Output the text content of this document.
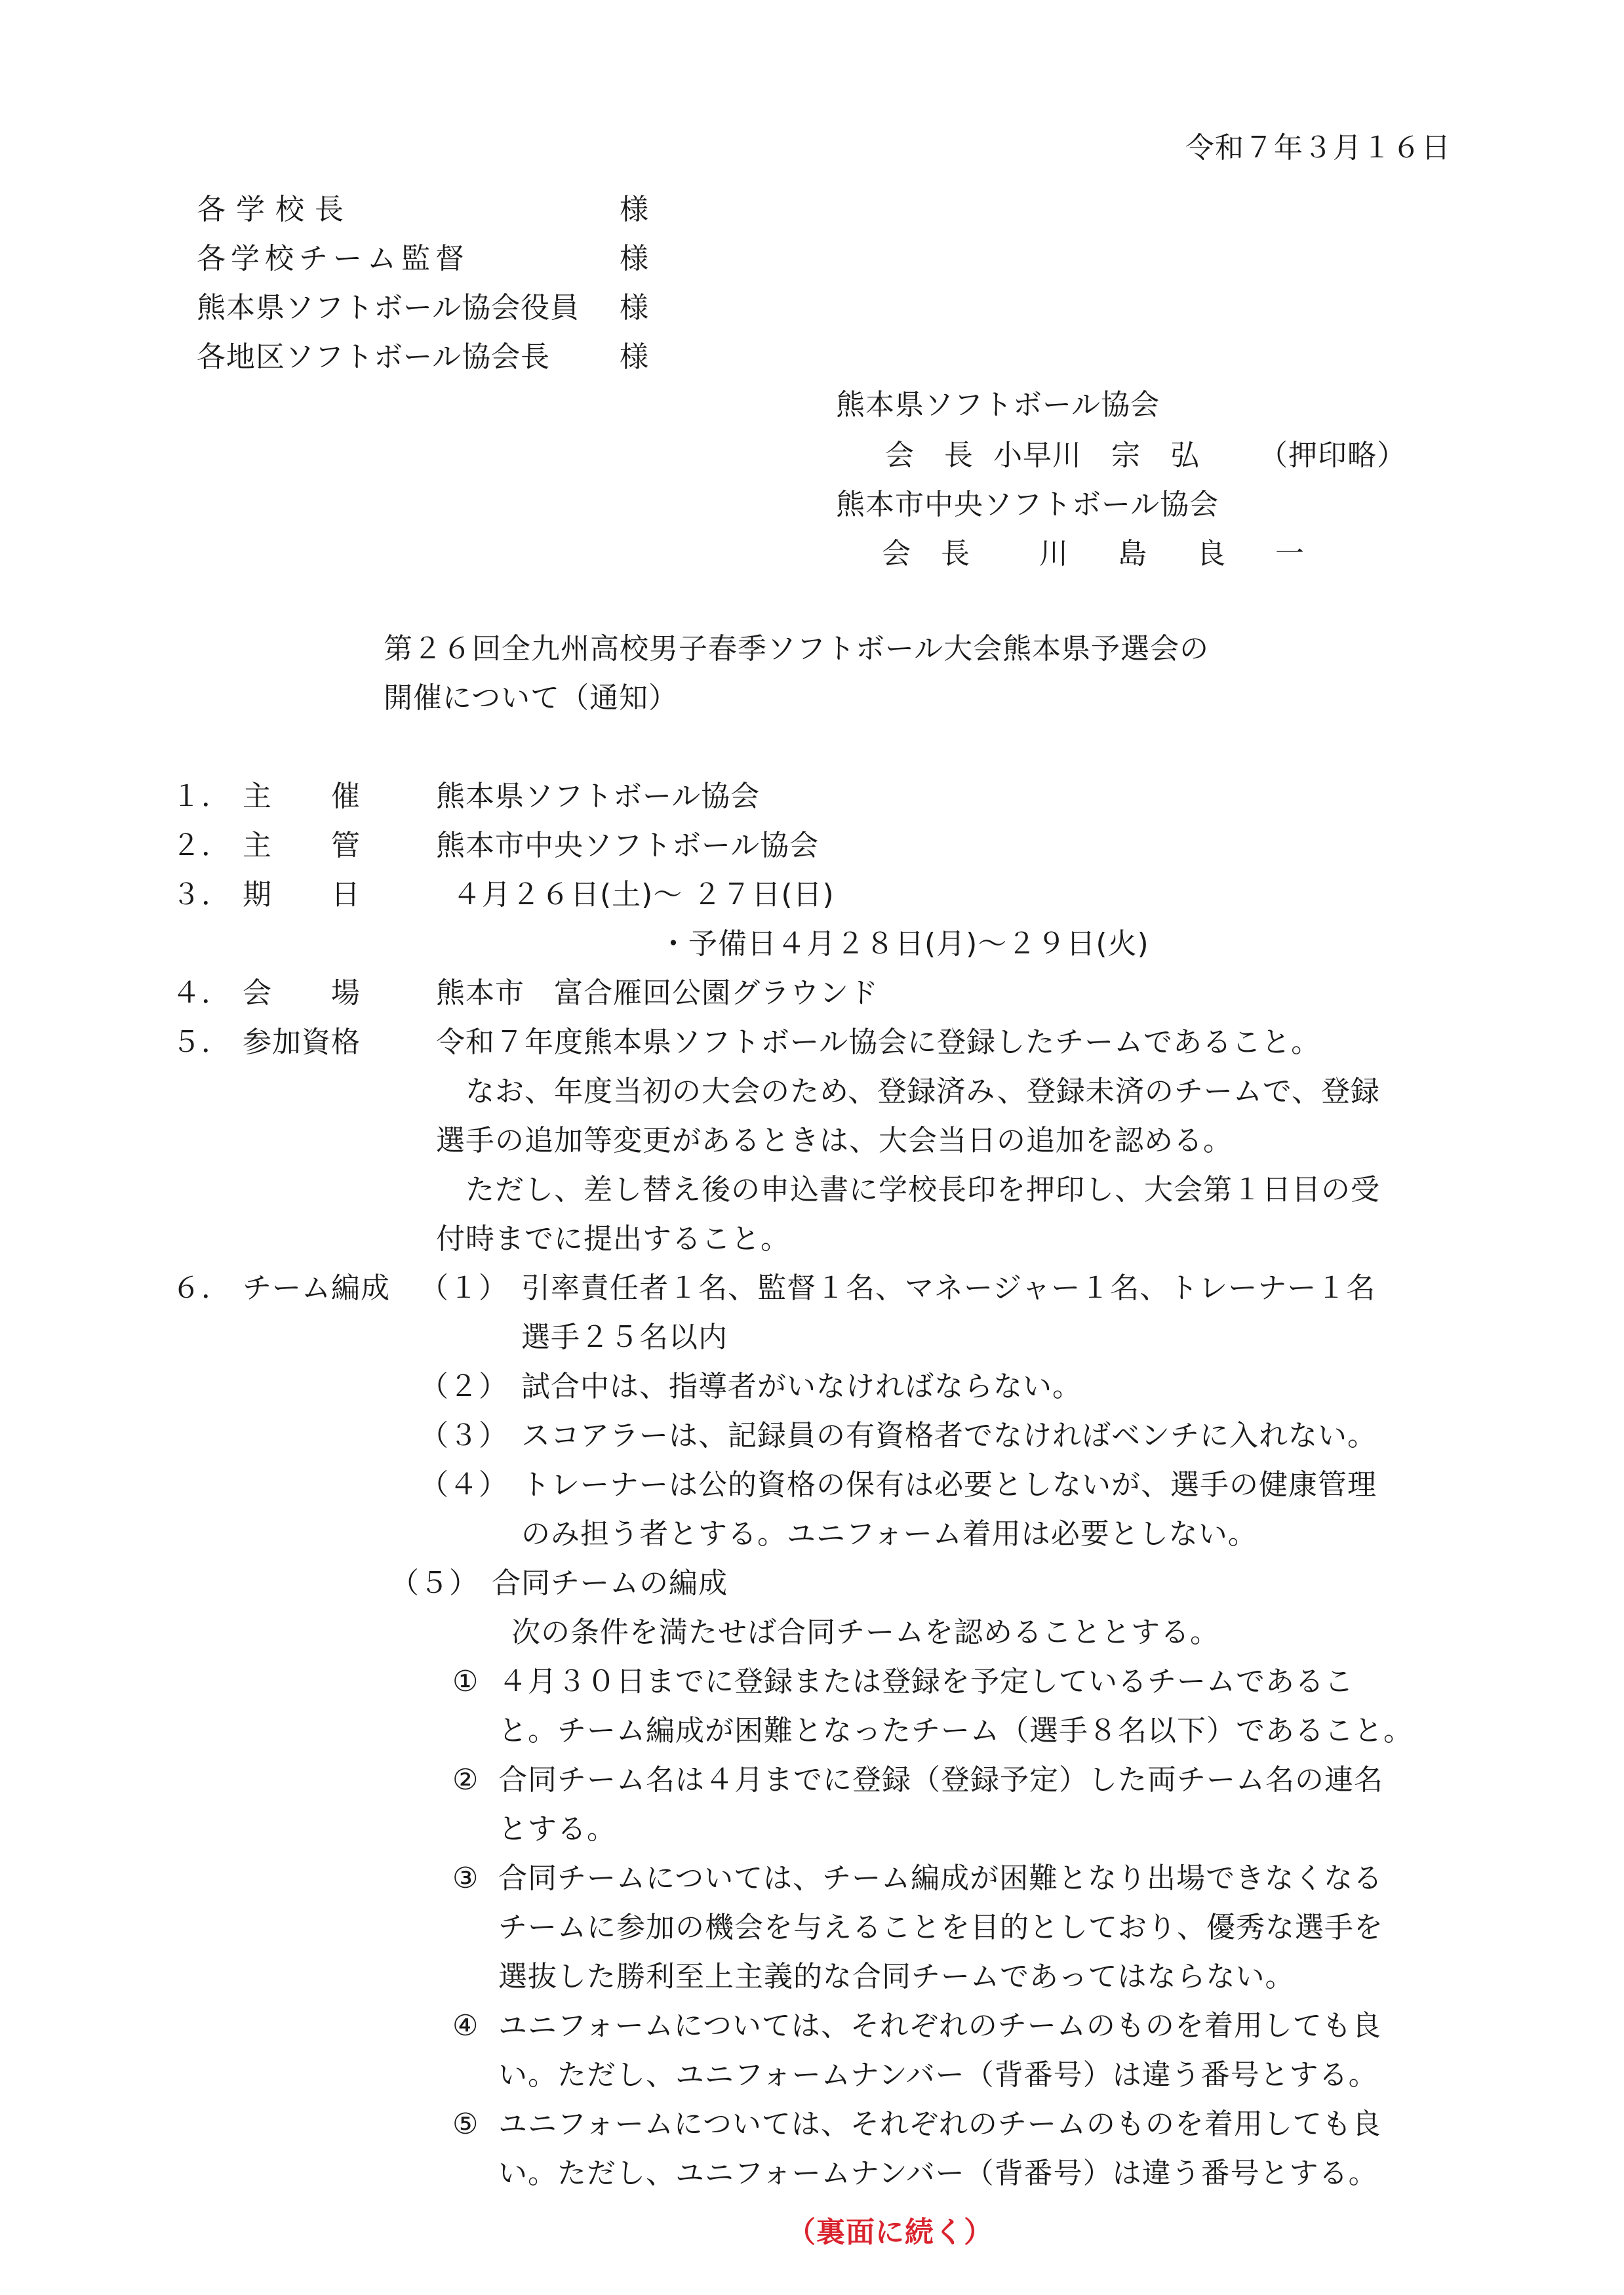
令和７年３月１６日
各学校長	様
各学校チーム監督	様
熊本県ソフトボール協会役員 様
各地区ソフトボール協会長 様
熊本県ソフトボール協会
会　長 小早川　宗　弘 （押印略）
熊本市中央ソフトボール協会
会　長 川　島　良　一
第２６回全九州高校男子春季ソフトボール大会熊本県予選会の
開催について（通知）
１． 主　　催	熊本県ソフトボール協会
２． 主　　管	熊本市中央ソフトボール協会
３． 期　　日	４月２６日(土)～ ２７日(日)
・予備日４月２８日(月)～２９日(火)
４． 会　　場	熊本市　富合雁回公園グラウンド
５． 参加資格	令和７年度熊本県ソフトボール協会に登録したチームであること。
なお、年度当初の大会のため、登録済み、登録未済のチームで、登録
選手の追加等変更があるときは、大会当日の追加を認める。
ただし、差し替え後の申込書に学校長印を押印し、大会第１日目の受
付時までに提出すること。
６． チーム編成 （１） 引率責任者１名、監督１名、マネージャー１名、トレーナー１名
選手２５名以内
（２） 試合中は、指導者がいなければならない。
（３） スコアラーは、記録員の有資格者でなければベンチに入れない。
（４） トレーナーは公的資格の保有は必要としないが、選手の健康管理
のみ担う者とする。ユニフォーム着用は必要としない。
（５） 合同チームの編成
次の条件を満たせば合同チームを認めることとする。
① ４月３０日までに登録または登録を予定しているチームであるこ
と。チーム編成が困難となったチーム（選手８名以下）であること。
② 合同チーム名は４月までに登録（登録予定）した両チーム名の連名
とする。
③ 合同チームについては、チーム編成が困難となり出場できなくなる
チームに参加の機会を与えることを目的としており、優秀な選手を
選抜した勝利至上主義的な合同チームであってはならない。
④ ユニフォームについては、それぞれのチームのものを着用しても良
い。ただし、ユニフォームナンバー（背番号）は違う番号とする。
⑤ ユニフォームについては、それぞれのチームのものを着用しても良
い。ただし、ユニフォームナンバー（背番号）は違う番号とする。
（裏面に続く）
